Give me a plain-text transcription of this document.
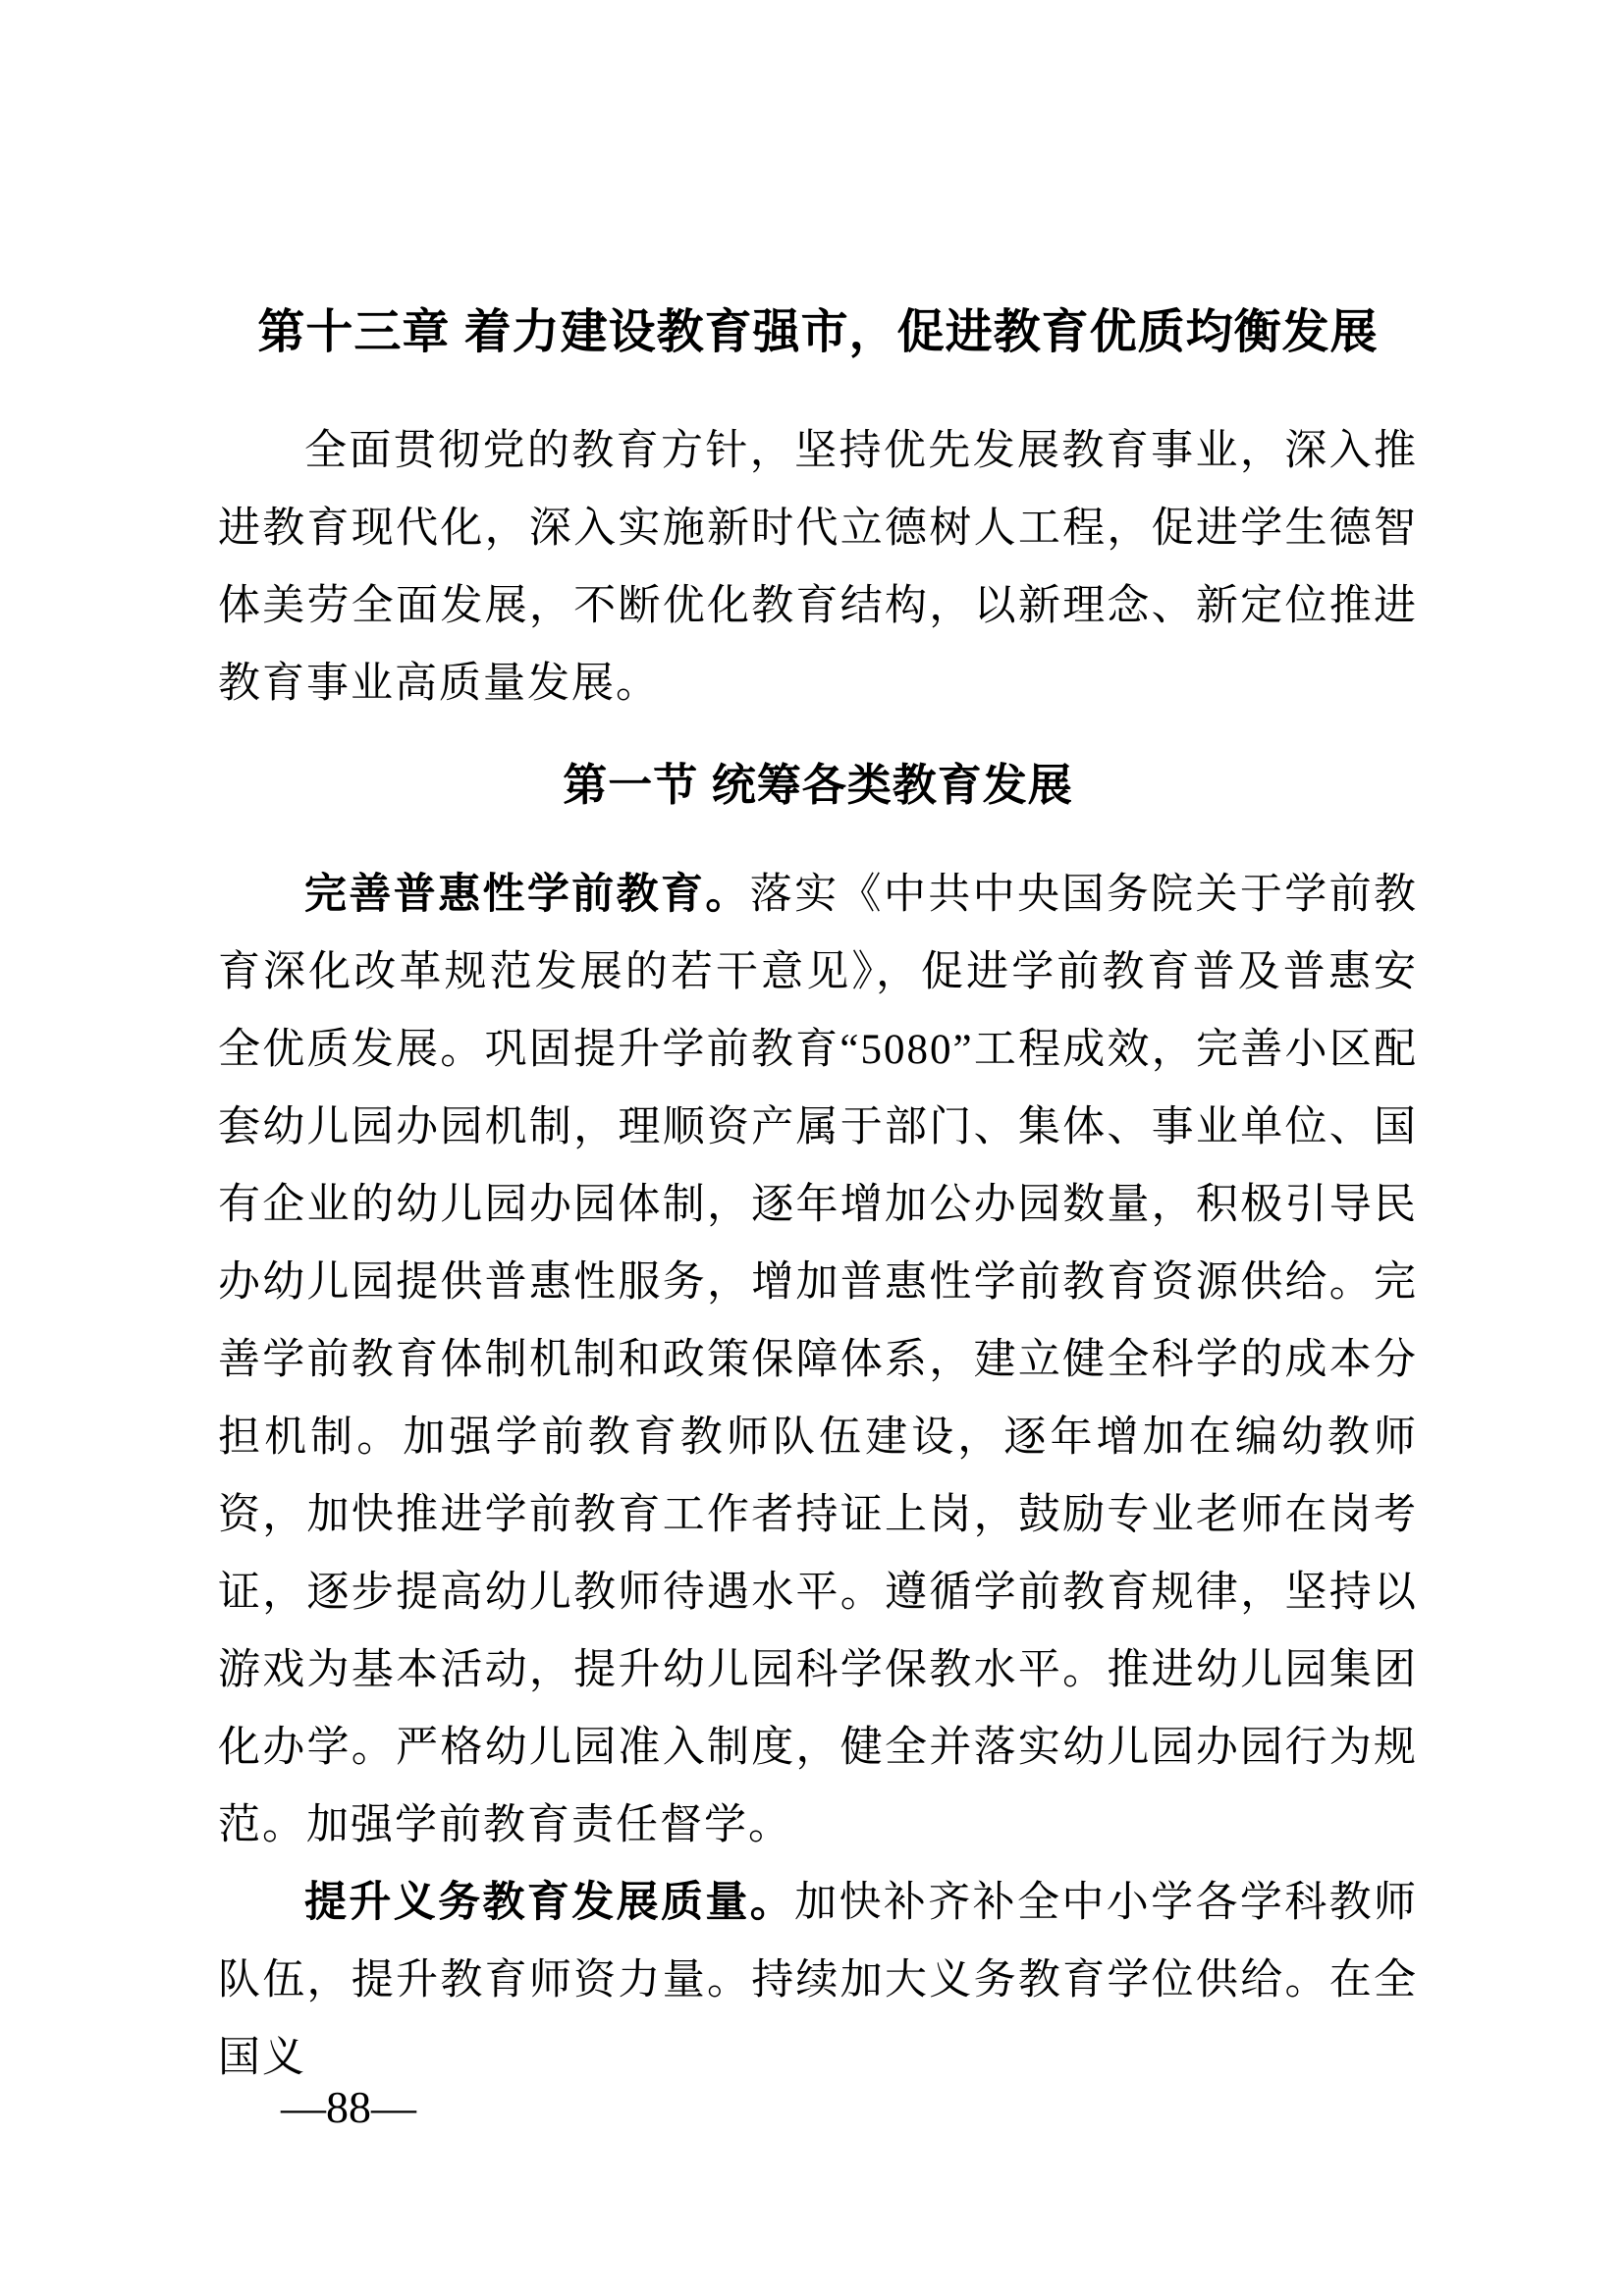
第十三章 着力建设教育强市，促进教育优质均衡发展

全面贯彻党的教育方针，坚持优先发展教育事业，深入推进教育现代化，深入实施新时代立德树人工程，促进学生德智体美劳全面发展，不断优化教育结构，以新理念、新定位推进教育事业高质量发展。

第一节 统筹各类教育发展

完善普惠性学前教育。落实《中共中央国务院关于学前教育深化改革规范发展的若干意见》，促进学前教育普及普惠安全优质发展。巩固提升学前教育“5080”工程成效，完善小区配套幼儿园办园机制，理顺资产属于部门、集体、事业单位、国有企业的幼儿园办园体制，逐年增加公办园数量，积极引导民办幼儿园提供普惠性服务，增加普惠性学前教育资源供给。完善学前教育体制机制和政策保障体系，建立健全科学的成本分担机制。加强学前教育教师队伍建设，逐年增加在编幼教师资，加快推进学前教育工作者持证上岗，鼓励专业老师在岗考证，逐步提高幼儿教师待遇水平。遵循学前教育规律，坚持以游戏为基本活动，提升幼儿园科学保教水平。推进幼儿园集团化办学。严格幼儿园准入制度，健全并落实幼儿园办园行为规范。加强学前教育责任督学。

提升义务教育发展质量。加快补齐补全中小学各学科教师队伍，提升教育师资力量。持续加大义务教育学位供给。在全国义

—88—
